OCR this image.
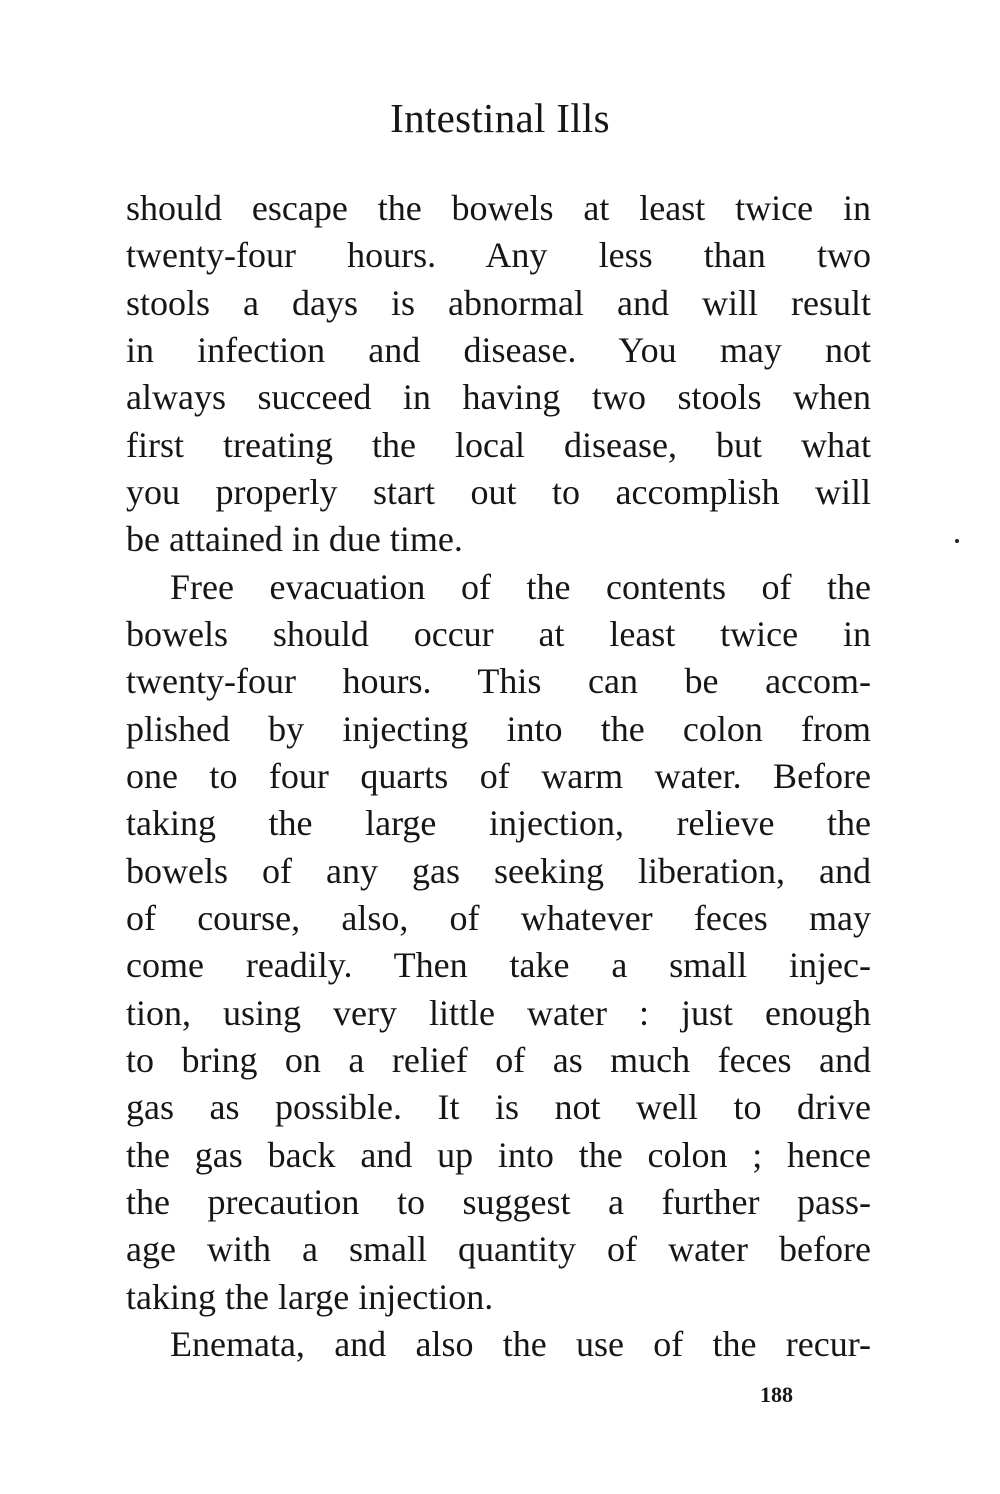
Intestinal Ills
should escape the bowels at least twice in
twenty-four hours. Any less than two
stools a days is abnormal and will result
in infection and disease. You may not
always succeed in having two stools when
first treating the local disease, but what
you properly start out to accomplish will
be attained in due time.
Free evacuation of the contents of the
bowels should occur at least twice in
twenty-four hours. This can be accom-
plished by injecting into the colon from
one to four quarts of warm water. Before
taking the large injection, relieve the
bowels of any gas seeking liberation, and
of course, also, of whatever feces may
come readily. Then take a small injec-
tion, using very little water : just enough
to bring on a relief of as much feces and
gas as possible. It is not well to drive
the gas back and up into the colon ; hence
the precaution to suggest a further pass-
age with a small quantity of water before
taking the large injection.
Enemata, and also the use of the recur-
188
